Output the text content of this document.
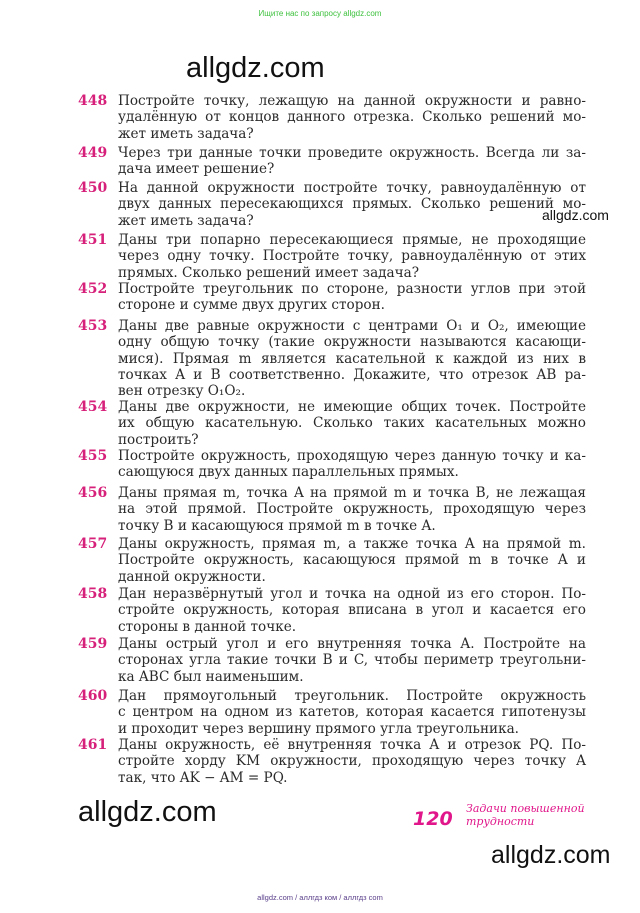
Ищите нас по запросу allgdz.com
allgdz.com
allgdz.com
448 Постройте точку, лежащую на данной окружности и равно-
удалённую от концов данного отрезка. Сколько решений мо-
жет иметь задача?
449 Через три данные точки проведите окружность. Всегда ли за-
дача имеет решение?
450 На данной окружности постройте точку, равноудалённую от
двух данных пересекающихся прямых. Сколько решений мо-
жет иметь задача?
451 Даны три попарно пересекающиеся прямые, не проходящие
через одну точку. Постройте точку, равноудалённую от этих
прямых. Сколько решений имеет задача?
452 Постройте треугольник по стороне, разности углов при этой
стороне и сумме двух других сторон.
453 Даны две равные окружности с центрами O₁ и O₂, имеющие
одну общую точку (такие окружности называются касающи-
мися). Прямая m является касательной к каждой из них в
точках A и B соответственно. Докажите, что отрезок AB ра-
вен отрезку O₁O₂.
454 Даны две окружности, не имеющие общих точек. Постройте
их общую касательную. Сколько таких касательных можно
построить?
455 Постройте окружность, проходящую через данную точку и ка-
сающуюся двух данных параллельных прямых.
456 Даны прямая m, точка A на прямой m и точка B, не лежащая
на этой прямой. Постройте окружность, проходящую через
точку B и касающуюся прямой m в точке A.
457 Даны окружность, прямая m, а также точка A на прямой m.
Постройте окружность, касающуюся прямой m в точке A и
данной окружности.
458 Дан неразвёрнутый угол и точка на одной из его сторон. По-
стройте окружность, которая вписана в угол и касается его
стороны в данной точке.
459 Даны острый угол и его внутренняя точка A. Постройте на
сторонах угла такие точки B и C, чтобы периметр треугольни-
ка ABC был наименьшим.
460 Дан прямоугольный треугольник. Постройте окружность
с центром на одном из катетов, которая касается гипотенузы
и проходит через вершину прямого угла треугольника.
461 Даны окружность, её внутренняя точка A и отрезок PQ. По-
стройте хорду KM окружности, проходящую через точку A
так, что AK − AM = PQ.
allgdz.com	120 Задачи повышенной
трудности
allgdz.com
allgdz.com / аллгдз ком / аллгдз com
